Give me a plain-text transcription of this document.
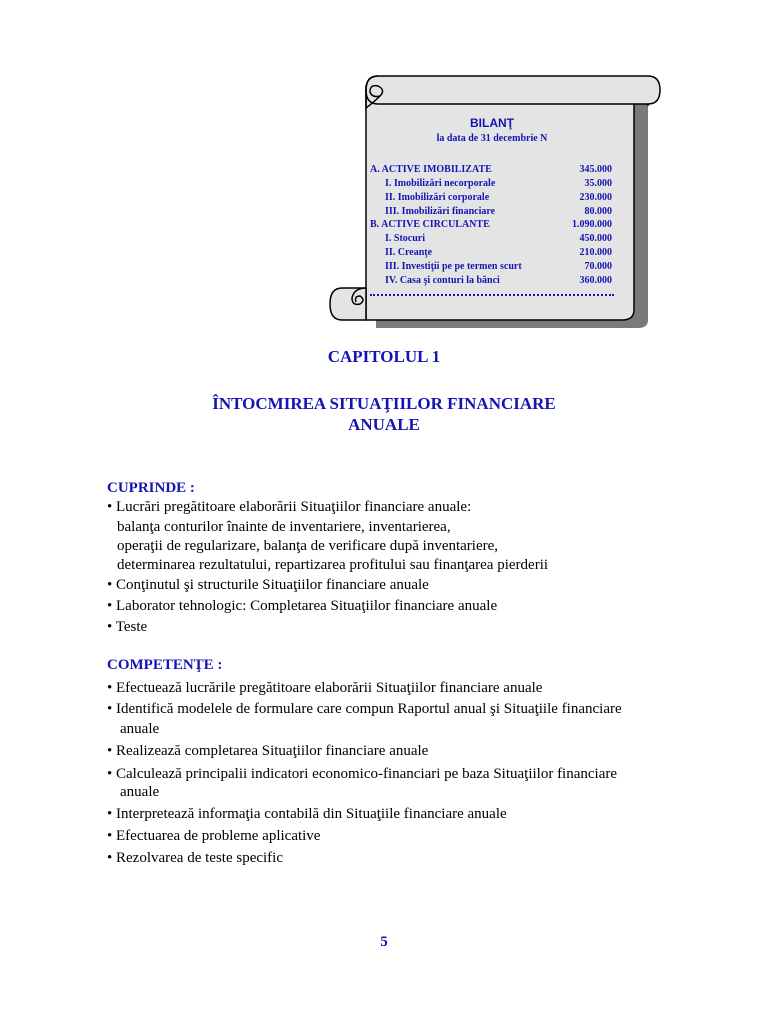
BILANŢ
la data de 31 decembrie N
A. ACTIVE IMOBILIZATE	345.000
I. Imobilizări necorporale	35.000
II. Imobilizări corporale	230.000
III. Imobilizări financiare	80.000
B. ACTIVE CIRCULANTE	1.090.000
I. Stocuri	450.000
II. Creanţe	210.000
III. Investiţii pe pe termen scurt	70.000
IV. Casa şi conturi la bănci	360.000
CAPITOLUL 1
ÎNTOCMIREA SITUAŢIILOR FINANCIARE
ANUALE
CUPRINDE :
• Lucrări pregătitoare elaborării Situaţiilor financiare anuale:
balanţa conturilor înainte de inventariere, inventarierea,
operaţii de regularizare, balanţa de verificare după inventariere,
determinarea rezultatului, repartizarea profitului sau finanţarea pierderii
• Conţinutul şi structurile Situaţiilor financiare anuale
• Laborator tehnologic: Completarea Situaţiilor financiare anuale
• Teste
COMPETENŢE :
• Efectuează lucrările pregătitoare elaborării Situaţiilor financiare anuale
• Identifică modelele de formulare care compun Raportul anual şi Situaţiile financiare
anuale
• Realizează completarea Situaţiilor financiare anuale
• Calculează principalii indicatori economico-financiari pe baza Situaţiilor financiare
anuale
• Interpretează informaţia contabilă din Situaţiile financiare anuale
• Efectuarea de probleme aplicative
• Rezolvarea de teste specific
5
